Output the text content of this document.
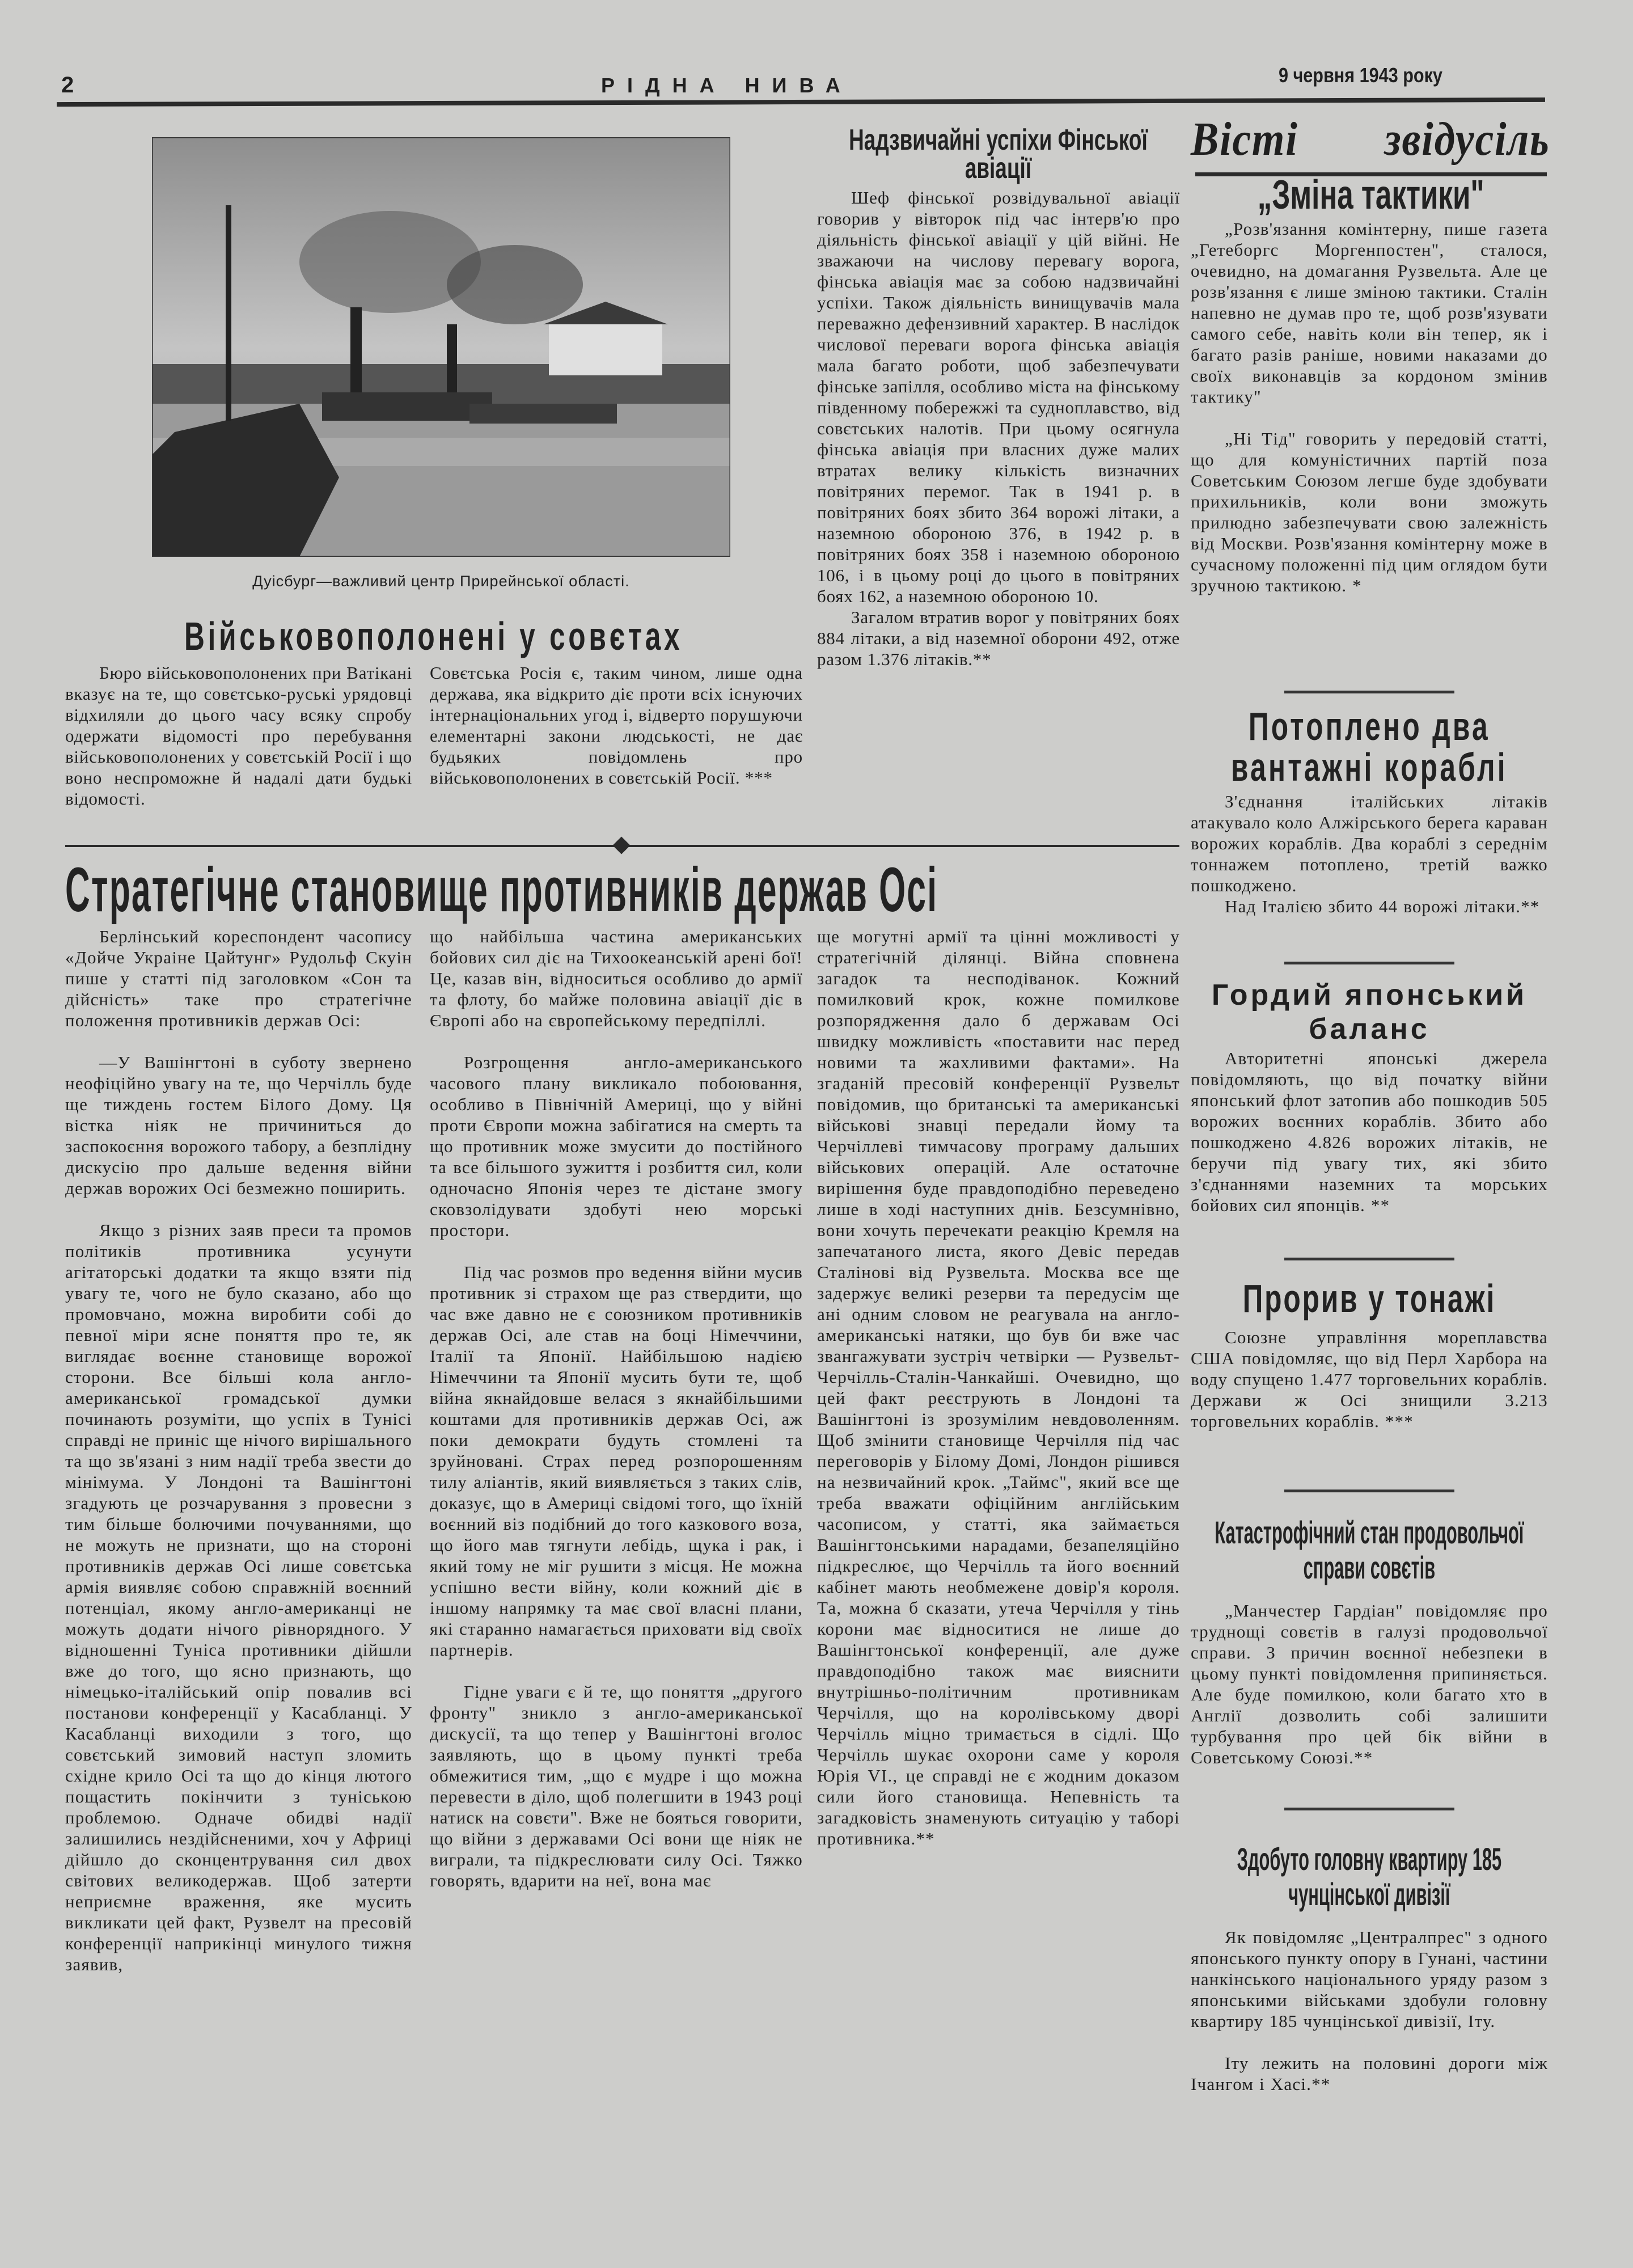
2	РІДНА НИВА	9 червня 1943 року
Дуісбург—важливий центр Прирейнської області.
Надзвичайні успіхи Фінської авіації

Шеф фінської розвідувальної авіації говорив у вівторок під час інтерв'ю про діяльність фінської авіації у цій війні. Не зважаючи на числову перевагу ворога, фінська авіація має за собою надзвичайні успіхи. Також діяльність винищувачів мала переважно дефензивний характер. В наслідок числової переваги ворога фінська авіація мала багато роботи, щоб забезпечувати фінське запілля, особливо міста на фінському південному побережжі та судноплавство, від совєтських налотів. При цьому осягнула фінська авіація при власних дуже малих втратах велику кількість визначних повітряних перемог. Так в 1941 р. в повітряних боях збито 364 ворожі літаки, а наземною обороною 376, в 1942 р. в повітряних боях 358 і наземною обороною 106, і в цьому році до цього в повітряних боях 162, а наземною обороною 10.

Загалом втратив ворог у повітряних боях 884 літаки, а від наземної оборони 492, отже разом 1.376 літаків.**

Військовополонені у совєтах

Бюро військовополонених при Ватікані вказує на те, що совєтсько-руські урядовці відхиляли до цього часу всяку спробу одержати відомості про перебування військовополонених у совєтській Росії і що воно неспроможне й надалі дати будькі відомості.

Совєтська Росія є, таким чином, лише одна держава, яка відкрито діє проти всіх існуючих інтернаціональних угод і, відверто порушуючи елементарні закони людськості, не дає будьяких повідомлень про військовополонених в совєтській Росії. ***

Стратегічне становище противників держав Осі

Берлінський кореспондент часопису «Дойче Украіне Цайтунг» Рудольф Скуін пише у статті під заголовком «Сон та дійсність» таке про стратегічне положення противників держав Осі:

—У Вашінгтоні в суботу звернено неофіційно увагу на те, що Черчілль буде ще тиждень гостем Білого Дому. Ця вістка ніяк не причиниться до заспокоєння ворожого табору, а безплідну дискусію про дальше ведення війни держав ворожих Осі безмежно поширить.

Якщо з різних заяв преси та промов політиків противника усунути агітаторські додатки та якщо взяти під увагу те, чого не було сказано, або що промовчано, можна виробити собі до певної міри ясне поняття про те, як виглядає воєнне становище ворожої сторони. Все більші кола англо-американської громадської думки починають розуміти, що успіх в Тунісі справді не приніс ще нічого вирішального та що зв'язані з ним надії треба звести до мінімума. У Лондоні та Вашінгтоні згадують це розчарування з провесни з тим більше болючими почуваннями, що не можуть не признати, що на стороні противників держав Осі лише совєтська армія виявляє собою справжній воєнний потенціал, якому англо-американці не можуть додати нічого рівнорядного. У відношенні Туніса противники дійшли вже до того, що ясно признають, що німецько-італійський опір повалив всі постанови конференції у Касабланці. У Касабланці виходили з того, що совєтський зимовий наступ зломить східне крило Осі та що до кінця лютого пощастить покінчити з туніською проблемою. Одначе обидві надії залишились нездійсненими, хоч у Африці дійшло до сконцентрування сил двох світових великодержав. Щоб затерти неприємне враження, яке мусить викликати цей факт, Рузвелт на пресовій конференції наприкінці минулого тижня заявив,

що найбільша частина американських бойових сил діє на Тихоокеанській арені бої! Це, казав він, відноситься особливо до армії та флоту, бо майже половина авіації діє в Європі або на європейському передпіллі.

Розгрощення англо-американського часового плану викликало побоювання, особливо в Північній Америці, що у війні проти Європи можна забігатися на смерть та що противник може змусити до постійного та все більшого зужиття і розбиття сил, коли одночасно Японія через те дістане змогу сковзолідувати здобуті нею морські простори.

Під час розмов про ведення війни мусив противник зі страхом ще раз ствердити, що час вже давно не є союзником противників держав Осі, але став на боці Німеччини, Італії та Японії. Найбільшою надією Німеччини та Японії мусить бути те, щоб війна якнайдовше велася з якнайбільшими коштами для противників держав Осі, аж поки демократи будуть стомлені та зруйновані. Страх перед розпорошенням тилу аліантів, який виявляється з таких слів, доказує, що в Америці свідомі того, що їхній воєнний віз подібний до того казкового воза, що його мав тягнути лебідь, щука і рак, і який тому не міг рушити з місця. Не можна успішно вести війну, коли кожний діє в іншому напрямку та має свої власні плани, які старанно намагається приховати від своїх партнерів.

Гідне уваги є й те, що поняття „другого фронту" зникло з англо-американської дискусії, та що тепер у Вашінгтоні вголос заявляють, що в цьому пункті треба обмежитися тим, „що є мудре і що можна перевести в діло, щоб полегшити в 1943 році натиск на совєти". Вже не бояться говорити, що війни з державами Осі вони ще ніяк не виграли, та підкреслювати силу Осі. Тяжко говорять, вдарити на неї, вона має

ще могутні армії та цінні можливості у стратегічній ділянці. Війна сповнена загадок та несподіванок. Кожний помилковий крок, кожне помилкове розпорядження дало б державам Осі швидку можливість «поставити нас перед новими та жахливими фактами». На згаданій пресовій конференції Рузвельт повідомив, що британські та американські військові знавці передали йому та Черчіллеві тимчасову програму дальших військових операцій. Але остаточне вирішення буде правдоподібно переведено лише в ході наступних днів. Безсумнівно, вони хочуть перечекати реакцію Кремля на запечатаного листа, якого Девіс передав Сталінові від Рузвельта. Москва все ще задержує великі резерви та передусім ще ані одним словом не реагувала на англо-американські натяки, що був би вже час звангажувати зустріч четвірки — Рузвельт-Черчілль-Сталін-Чанкайші. Очевидно, що цей факт реєструють в Лондоні та Вашінгтоні із зрозумілим невдоволенням. Щоб змінити становище Черчілля під час переговорів у Білому Домі, Лондон рішився на незвичайний крок. „Таймс", який все ще треба вважати офіційним англійським часописом, у статті, яка займається Вашінгтонськими нарадами, безапеляційно підкреслює, що Черчілль та його воєнний кабінет мають необмежене довір'я короля. Та, можна б сказати, утеча Черчілля у тінь корони має відноситися не лише до Вашінгтонської конференції, але дуже правдоподібно також має вияснити внутрішньо-політичним противникам Черчілля, що на королівському дворі Черчілль міцно тримається в сідлі. Що Черчілль шукає охорони саме у короля Юрія VI., це справді не є жодним доказом сили його становища. Непевність та загадковість знаменують ситуацію у таборі противника.**

Вісті звідусіль
„Зміна тактики"

„Розв'язання комінтерну, пише газета „Гетеборгс Моргенпостен", сталося, очевидно, на домагання Рузвельта. Але це розв'язання є лише зміною тактики. Сталін напевно не думав про те, щоб розв'язувати самого себе, навіть коли він тепер, як і багато разів раніше, новими наказами до своїх виконавців за кордоном змінив тактику"

„Ні Тід" говорить у передовій статті, що для комуністичних партій поза Советським Союзом легше буде здобувати прихильників, коли вони зможуть прилюдно забезпечувати свою залежність від Москви. Розв'язання комінтерну може в сучасному положенні під цим оглядом бути зручною тактикою. *

Потоплено два вантажні кораблі

З'єднання італійських літаків атакувало коло Алжірського берега караван ворожих кораблів. Два кораблі з середнім тоннажем потоплено, третій важко пошкоджено.

Над Італією збито 44 ворожі літаки.**

Гордий японський баланс

Авторитетні японські джерела повідомляють, що від початку війни японський флот затопив або пошкодив 505 ворожих воєнних кораблів. Збито або пошкоджено 4.826 ворожих літаків, не беручи під увагу тих, які збито з'єднаннями наземних та морських бойових сил японців. **

Прорив у тонажі

Союзне управління мореплавства США повідомляє, що від Перл Харбора на воду спущено 1.477 торговельних кораблів. Держави ж Осі знищили 3.213 торговельних кораблів. ***

Катастрофічний стан продовольчої справи совєтів

„Манчестер Гардіан" повідомляє про труднощі совєтів в галузі продовольчої справи. З причин воєнної небезпеки в цьому пункті повідомлення припиняється. Але буде помилкою, коли багато хто в Англії дозволить собі залишити турбування про цей бік війни в Советському Союзі.**

Здобуто головну квартиру 185 чунцінської дивізії

Як повідомляє „Централпрес" з одного японського пункту опору в Гунані, частини нанкінського національного уряду разом з японськими військами здобули головну квартиру 185 чунцінської дивізії, Іту.

Іту лежить на половині дороги між Ічангом і Хасі.**
